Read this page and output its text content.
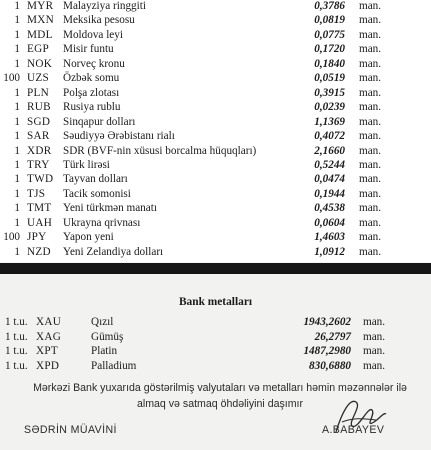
1 MYR Malayziya ringgiti	0,3786 man.
1 MXN Meksika pesosu	0,0819 man.
1 MDL Moldova leyi	0,0775 man.
1 EGP Misir funtu	0,1720 man.
1 NOK Norveç kronu	0,1840 man.
100 UZS Özbək somu	0,0519 man.
1 PLN Polşa zlotası	0,3915 man.
1 RUB Rusiya rublu	0,0239 man.
1 SGD Sinqapur dolları	1,1369 man.
1 SAR Səudiyyə Ərəbistanı rialı	0,4072 man.
1 XDR SDR (BVF-nin xüsusi borcalma hüquqları)	2,1660 man.
1 TRY Türk lirəsi	0,5244 man.
1 TWD Tayvan dolları	0,0474 man.
1 TJS Tacik somonisi	0,1944 man.
1 TMT Yeni türkmən manatı	0,4538 man.
1 UAH Ukrayna qrivnası	0,0604 man.
100 JPY Yapon yeni	1,4603 man.
1 NZD Yeni Zelandiya dolları	1,0912 man.
Bank metalları
1 t.u. XAU	Qızıl	1943,2602 man.
1 t.u. XAG	Gümüş	26,2797 man.
1 t.u. XPT	Platin	1487,2980 man.
1 t.u. XPD	Palladium	830,6880 man.
Mərkəzi Bank yuxarıda göstərilmiş valyutaları və metalları həmin məzənnələr ilə
almaq və satmaq öhdəliyini daşımır
SƏDRİN MÜAVİNİ	A.BABAYEV
